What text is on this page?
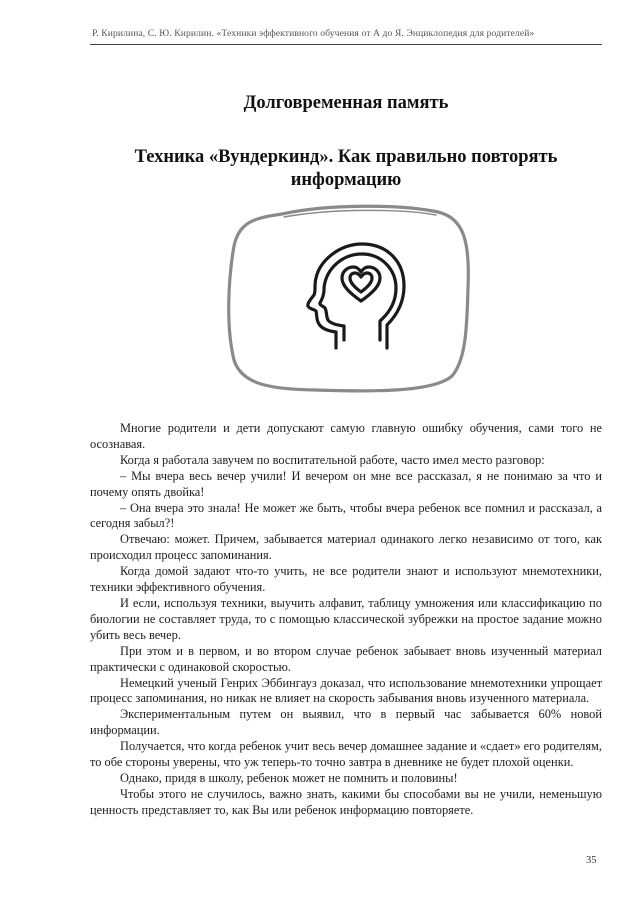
Р. Кирилина, С. Ю. Кирилин. «Техники эффективного обучения от А до Я. Энциклопедия для родителей»
Долговременная память
Техника «Вундеркинд». Как правильно повторять информацию

Многие родители и дети допускают самую главную ошибку обучения, сами того не осознавая.

Когда я работала завучем по воспитательной работе, часто имел место разговор:

– Мы вчера весь вечер учили! И вечером он мне все рассказал, я не понимаю за что и почему опять двойка!

– Она вчера это знала! Не может же быть, чтобы вчера ребенок все помнил и рассказал, а сегодня забыл?!

Отвечаю: может. Причем, забывается материал одинакого легко независимо от того, как происходил процесс запоминания.

Когда домой задают что-то учить, не все родители знают и используют мнемотехники, техники эффективного обучения.

И если, используя техники, выучить алфавит, таблицу умножения или классификацию по биологии не составляет труда, то с помощью классической зубрежки на простое задание можно убить весь вечер.

При этом и в первом, и во втором случае ребенок забывает вновь изученный материал практически с одинаковой скоростью.

Немецкий ученый Генрих Эббингауз доказал, что использование мнемотехники упрощает процесс запоминания, но никак не влияет на скорость забывания вновь изученного материала.

Экспериментальным путем он выявил, что в первый час забывается 60% новой информации.

Получается, что когда ребенок учит весь вечер домашнее задание и «сдает» его родителям, то обе стороны уверены, что уж теперь-то точно завтра в дневнике не будет плохой оценки.

Однако, придя в школу, ребенок может не помнить и половины!

Чтобы этого не случилось, важно знать, какими бы способами вы не учили, неменьшую ценность представляет то, как Вы или ребенок информацию повторяете.

35
